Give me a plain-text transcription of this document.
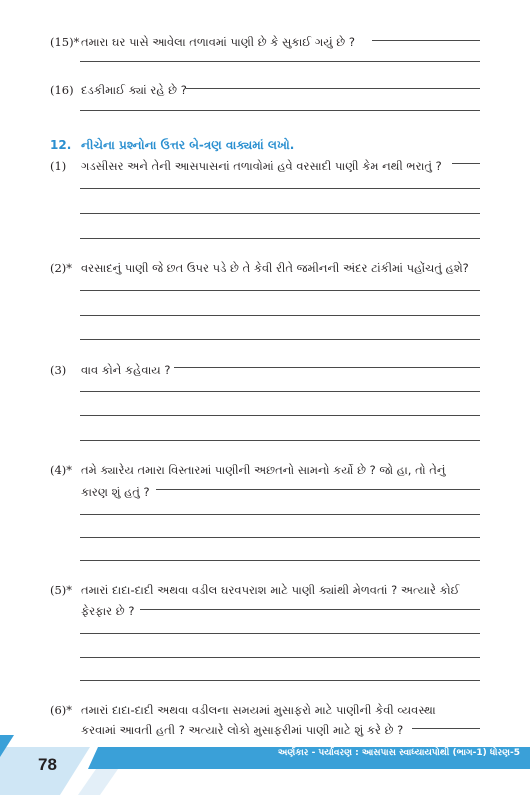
(15)* તમારા ઘર પાસે આવેલા તળાવમાં પાણી છે કે સુકાઈ ગયું છે ?
(16) દડકીમાઈ ક્યાં રહે છે ?
12. નીચેના પ્રશ્નોના ઉત્તર બે-ત્રણ વાક્યમાં લખો.
(1) ગડસીસર અને તેની આસપાસનાં તળાવોમાં હવે વરસાદી પાણી કેમ નથી ભરાતું ?
(2)* વરસાદનું પાણી જે છત ઉપર પડે છે તે કેવી રીતે જમીનની અંદર ટાંકીમાં પહોંચતું હશે?
(3) વાવ કોને કહેવાય ?
(4)* તમે ક્યારેય તમારા વિસ્તારમાં પાણીની અછતનો સામનો કર્યો છે ? જો હા, તો તેનું
કારણ શું હતું ?
(5)* તમારાં દાદા-દાદી અથવા વડીલ ઘરવપરાશ માટે પાણી ક્યાંથી મેળવતાં ? અત્યારે કોઈ
ફેરફાર છે ?
(6)* તમારાં દાદા-દાદી અથવા વડીલના સમયમાં મુસાફરો માટે પાણીની કેવી વ્યવસ્થા
કરવામાં આવતી હતી ? અત્યારે લોકો મુસાફરીમાં પાણી માટે શું કરે છે ?
78
અર્ણકાર - પર્યાવરણ : આસપાસ સ્વાધ્યાયપોથી (ભાગ-1) ધોરણ-5
